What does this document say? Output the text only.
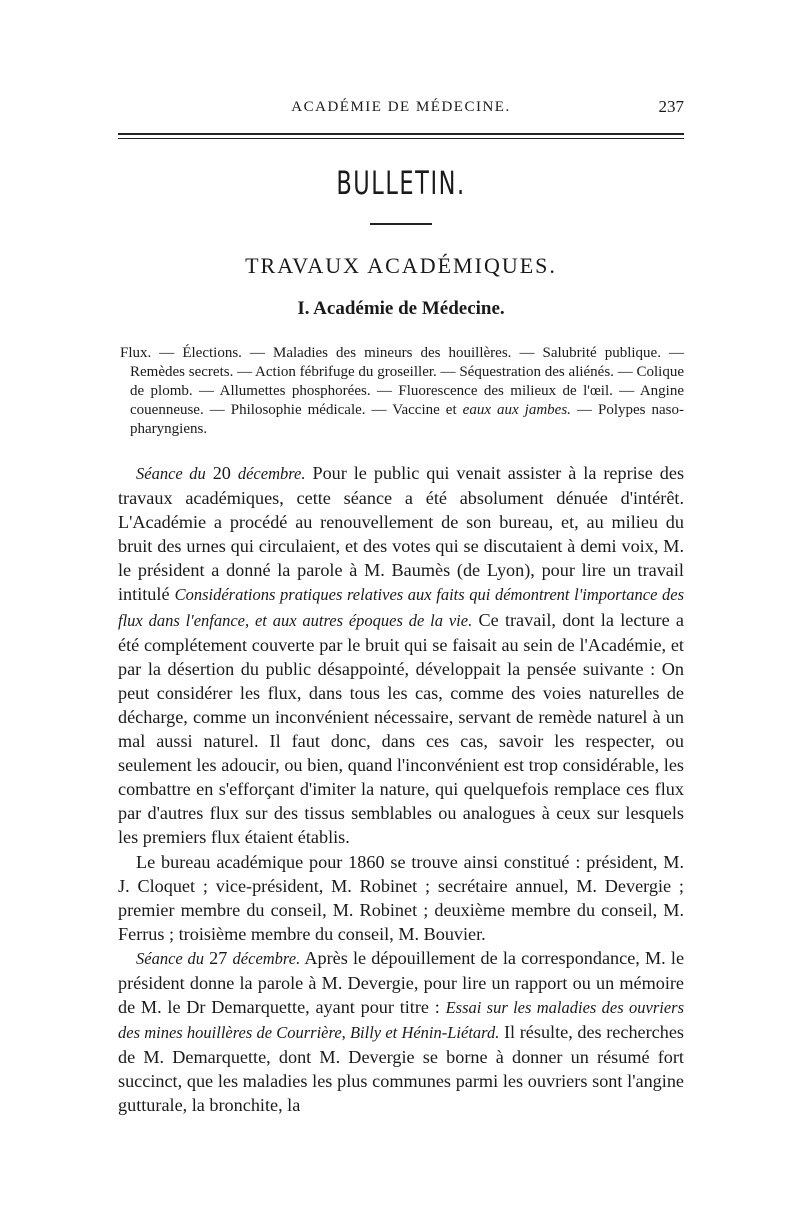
ACADÉMIE DE MÉDECINE.	237
BULLETIN.
TRAVAUX ACADÉMIQUES.
I. Académie de Médecine.
Flux. — Élections. — Maladies des mineurs des houillères. — Salubrité publique. — Remèdes secrets. — Action fébrifuge du groseiller. — Séquestration des aliénés. — Colique de plomb. — Allumettes phosphorées. — Fluorescence des milieux de l'œil. — Angine couenneuse. — Philosophie médicale. — Vaccine et eaux aux jambes. — Polypes naso-pharyngiens.

Séance du 20 décembre. Pour le public qui venait assister à la reprise des travaux académiques, cette séance a été absolument dénuée d'intérêt. L'Académie a procédé au renouvellement de son bureau, et, au milieu du bruit des urnes qui circulaient, et des votes qui se discutaient à demi voix, M. le président a donné la parole à M. Baumès (de Lyon), pour lire un travail intitulé Considérations pratiques relatives aux faits qui démontrent l'importance des flux dans l'enfance, et aux autres époques de la vie. Ce travail, dont la lecture a été complétement couverte par le bruit qui se faisait au sein de l'Académie, et par la désertion du public désappointé, développait la pensée suivante : On peut considérer les flux, dans tous les cas, comme des voies naturelles de décharge, comme un inconvénient nécessaire, servant de remède naturel à un mal aussi naturel. Il faut donc, dans ces cas, savoir les respecter, ou seulement les adoucir, ou bien, quand l'inconvénient est trop considérable, les combattre en s'efforçant d'imiter la nature, qui quelquefois remplace ces flux par d'autres flux sur des tissus semblables ou analogues à ceux sur lesquels les premiers flux étaient établis.

Le bureau académique pour 1860 se trouve ainsi constitué : président, M. J. Cloquet ; vice-président, M. Robinet ; secrétaire annuel, M. Devergie ; premier membre du conseil, M. Robinet ; deuxième membre du conseil, M. Ferrus ; troisième membre du conseil, M. Bouvier.

Séance du 27 décembre. Après le dépouillement de la correspondance, M. le président donne la parole à M. Devergie, pour lire un rapport ou un mémoire de M. le Dr Demarquette, ayant pour titre : Essai sur les maladies des ouvriers des mines houillères de Courrière, Billy et Hénin-Liétard. Il résulte, des recherches de M. Demarquette, dont M. Devergie se borne à donner un résumé fort succinct, que les maladies les plus communes parmi les ouvriers sont l'angine gutturale, la bronchite, la
